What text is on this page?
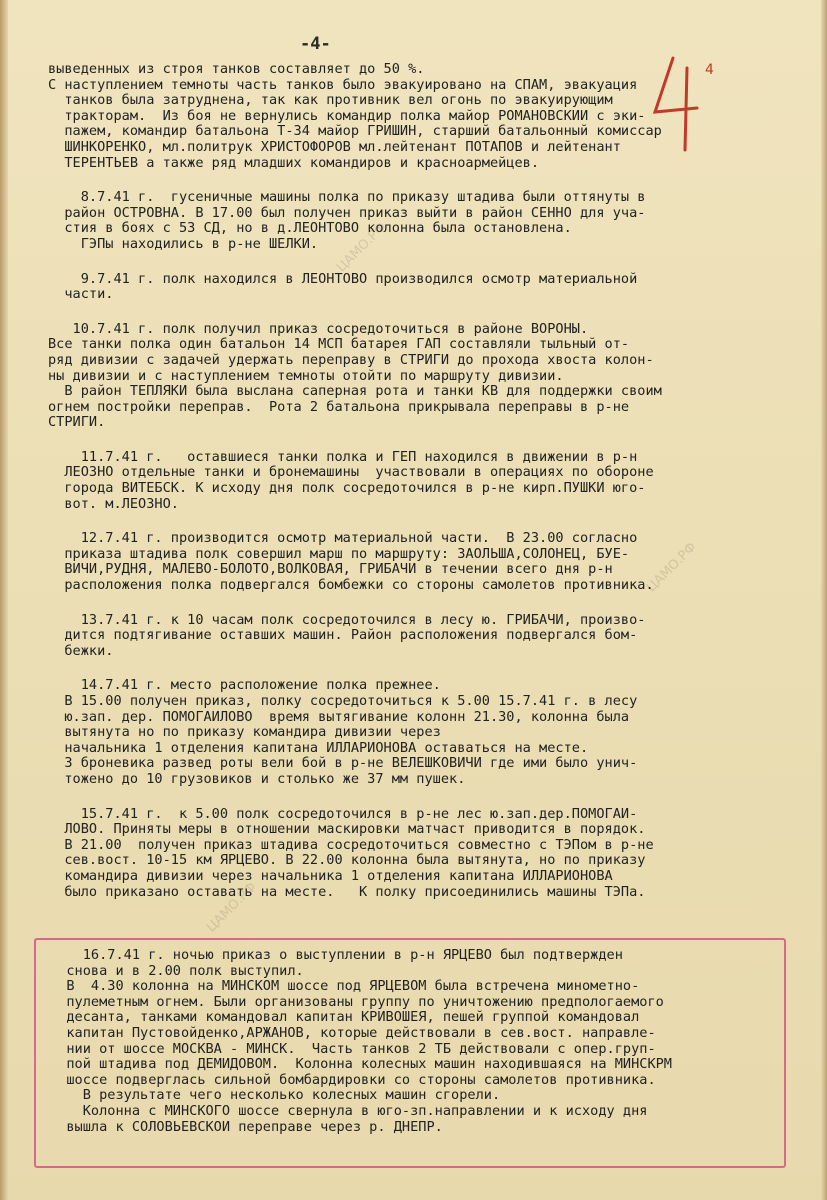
ЦАМО.РФ
ЦАМО.РФ
ЦАМО.РФ
-4-
4
выведенных из строя танков составляет до 50 %.
С наступлением темноты часть танков было эвакуировано на СПАМ, эвакуация
танков была затруднена, так как противник вел огонь по эвакуирующим
тракторам.  Из боя не вернулись командир полка майор РОМАНОВСКИЙ с эки-
пажем, командир батальона Т-34 майор ГРИШИН, старший батальонный комиссар
ШИНКОРЕНКО, мл.политрук ХРИСТОФОРОВ мл.лейтенант ПОТАПОВ и лейтенант
ТЕРЕНТЬЕВ а также ряд младших командиров и красноармейцев.
8.7.41 г.  гусеничные машины полка по приказу штадива были оттянуты в
район ОСТРОВНА. В 17.00 был получен приказ выйти в район СЕННО для уча-
стия в боях с 53 СД, но в д.ЛЕОНТОВО колонна была остановлена.
ГЭПы находились в р-не ШЕЛКИ.
9.7.41 г. полк находился в ЛЕОНТОВО производился осмотр материальной
части.
10.7.41 г. полк получил приказ сосредоточиться в районе ВОРОНЫ.
Все танки полка один батальон 14 МСП батарея ГАП составляли тыльный от-
ряд дивизии с задачей удержать переправу в СТРИГИ до прохода хвоста колон-
ны дивизии и с наступлением темноты отойти по маршруту дивизии.
В район ТЕПЛЯКИ была выслана саперная рота и танки КВ для поддержки своим
огнем постройки переправ.  Рота 2 батальона прикрывала переправы в р-не
СТРИГИ.
11.7.41 г.   оставшиеся танки полка и ГЕП находился в движении в р-н
ЛЕОЗНО отдельные танки и бронемашины  участвовали в операциях по обороне
города ВИТЕБСК. К исходу дня полк сосредоточился в р-не кирп.ПУШКИ юго-
вот. м.ЛЕОЗНО.
12.7.41 г. производится осмотр материальной части.  В 23.00 согласно
приказа штадива полк совершил марш по маршруту: ЗАОЛЬША,СОЛОНЕЦ, БУЕ-
ВИЧИ,РУДНЯ, МАЛЕВО-БОЛОТО,ВОЛКОВАЯ, ГРИБАЧИ в течении всего дня р-н
расположения полка подвергался бомбежки со стороны самолетов противника.
13.7.41 г. к 10 часам полк сосредоточился в лесу ю. ГРИБАЧИ, произво-
дится подтягивание оставших машин. Район расположения подвергался бом-
бежки.
14.7.41 г. место расположение полка прежнее.
В 15.00 получен приказ, полку сосредоточиться к 5.00 15.7.41 г. в лесу
ю.зап. дер. ПОМОГАЙЛОВО  время вытягивание колонн 21.30, колонна была
вытянута но по приказу командира дивизии через
начальника 1 отделения капитана ИЛЛАРИОНОВА оставаться на месте.
3 броневика развед роты вели бой в р-не ВЕЛЕШКОВИЧИ где ими было унич-
тожено до 10 грузовиков и столько же 37 мм пушек.
15.7.41 г.  к 5.00 полк сосредоточился в р-не лес ю.зап.дер.ПОМОГАЙ-
ЛОВО. Приняты меры в отношении маскировки матчаст приводится в порядок.
В 21.00  получен приказ штадива сосредоточиться совместно с ТЭПом в р-не
сев.вост. 10-15 км ЯРЦЕВО. В 22.00 колонна была вытянута, но по приказу
командира дивизии через начальника 1 отделения капитана ИЛЛАРИОНОВА
было приказано оставать на месте.   К полку присоединились машины ТЭПа.
16.7.41 г. ночью приказ о выступлении в р-н ЯРЦЕВО был подтвержден
снова и в 2.00 полк выступил.
В  4.30 колонна на МИНСКОМ шоссе под ЯРЦЕВОМ была встречена минометно-
пулеметным огнем. Были организованы группу по уничтожению предпологаемого
десанта, танками командовал капитан КРИВОШЕЯ, пешей группой командовал
капитан Пустовойденко,АРЖАНОВ, которые действовали в сев.вост. направле-
нии от шоссе МОСКВА - МИНСК.  Часть танков 2 ТБ действовали с опер.груп-
пой штадива под ДЕМИДОВОМ.  Колонна колесных машин находившаяся на МИНСКРМ
шоссе подверглась сильной бомбардировки со стороны самолетов противника.
В результате чего несколько колесных машин сгорели.
Колонна с МИНСКОГО шоссе свернула в юго-зп.направлении и к исходу дня
вышла к СОЛОВЬЕВСКОЙ переправе через р. ДНЕПР.
